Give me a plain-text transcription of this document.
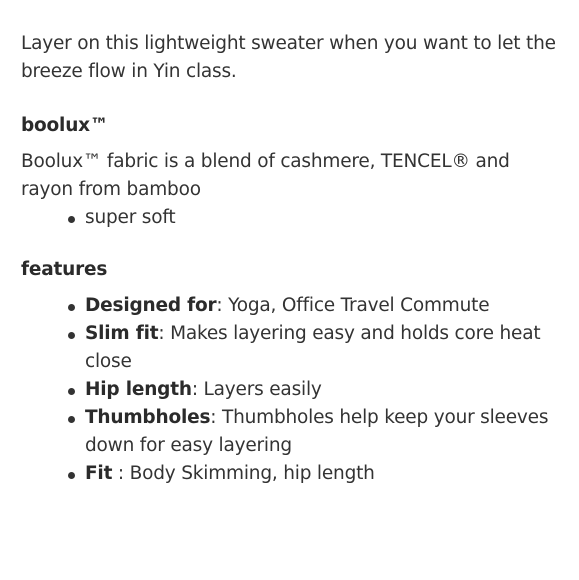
Layer on this lightweight sweater when you want to let the breeze flow in Yin class.

boolux™

Boolux™ fabric is a blend of cashmere, TENCEL® and rayon from bamboo

super soft

features

Designed for: Yoga, Office Travel Commute
Slim fit: Makes layering easy and holds core heat close
Hip length: Layers easily
Thumbholes: Thumbholes help keep your sleeves down for easy layering
Fit : Body Skimming, hip length
